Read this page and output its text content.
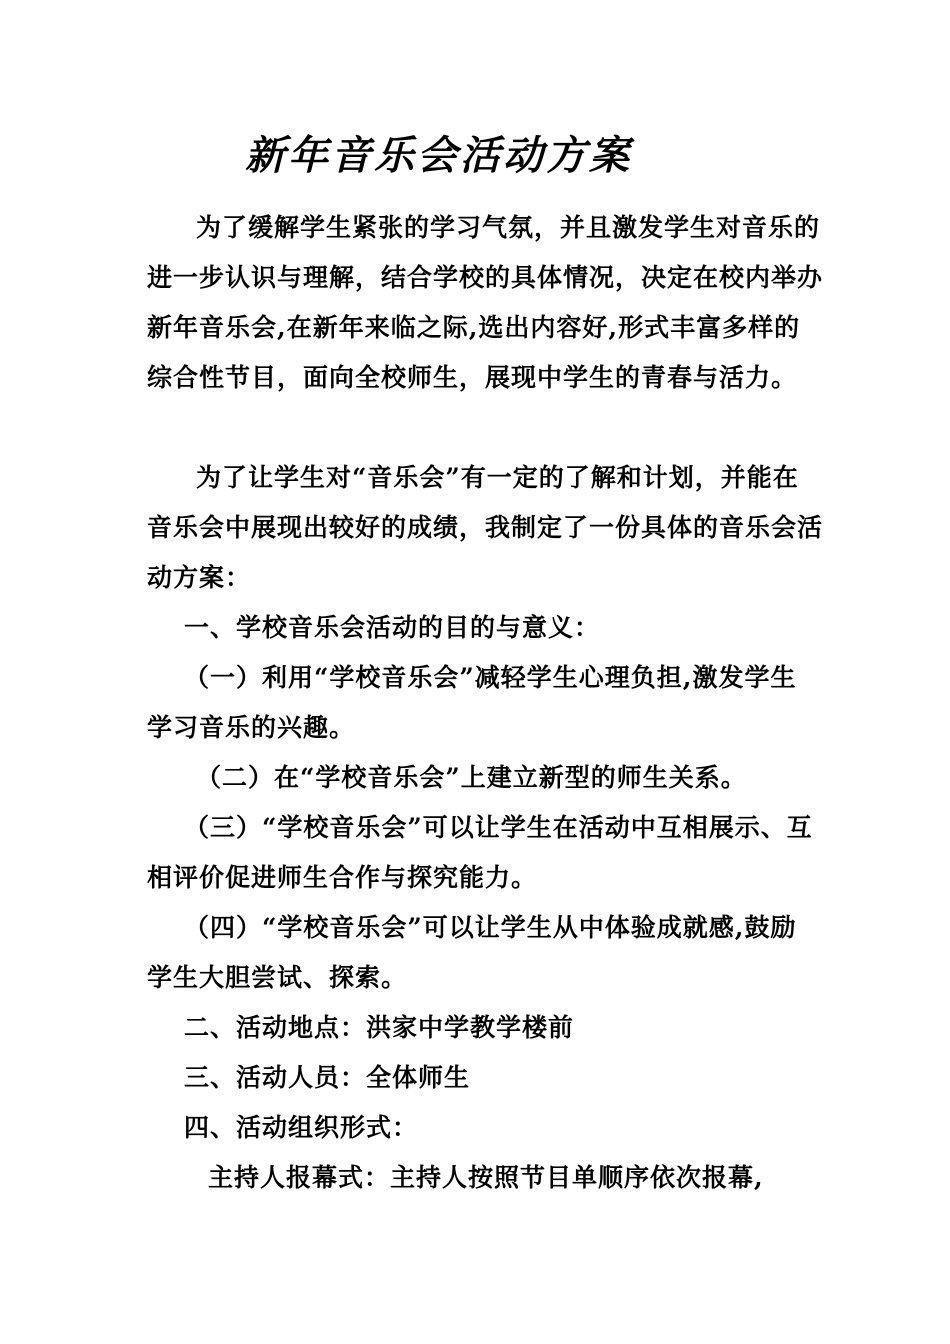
新年音乐会活动方案
为了缓解学生紧张的学习气氛，并且激发学生对音乐的
进一步认识与理解，结合学校的具体情况，决定在校内举办
新年音乐会,在新年来临之际,选出内容好,形式丰富多样的
综合性节目，面向全校师生，展现中学生的青春与活力。
为了让学生对“音乐会”有一定的了解和计划，并能在
音乐会中展现出较好的成绩，我制定了一份具体的音乐会活
动方案：
一、学校音乐会活动的目的与意义：
（一）利用“学校音乐会”减轻学生心理负担,激发学生
学习音乐的兴趣。
（二）在“学校音乐会”上建立新型的师生关系。
（三）“学校音乐会”可以让学生在活动中互相展示、互
相评价促进师生合作与探究能力。
（四）“学校音乐会”可以让学生从中体验成就感,鼓励
学生大胆尝试、探索。
二、活动地点：洪家中学教学楼前
三、活动人员：全体师生
四、活动组织形式：
主持人报幕式：主持人按照节目单顺序依次报幕,
